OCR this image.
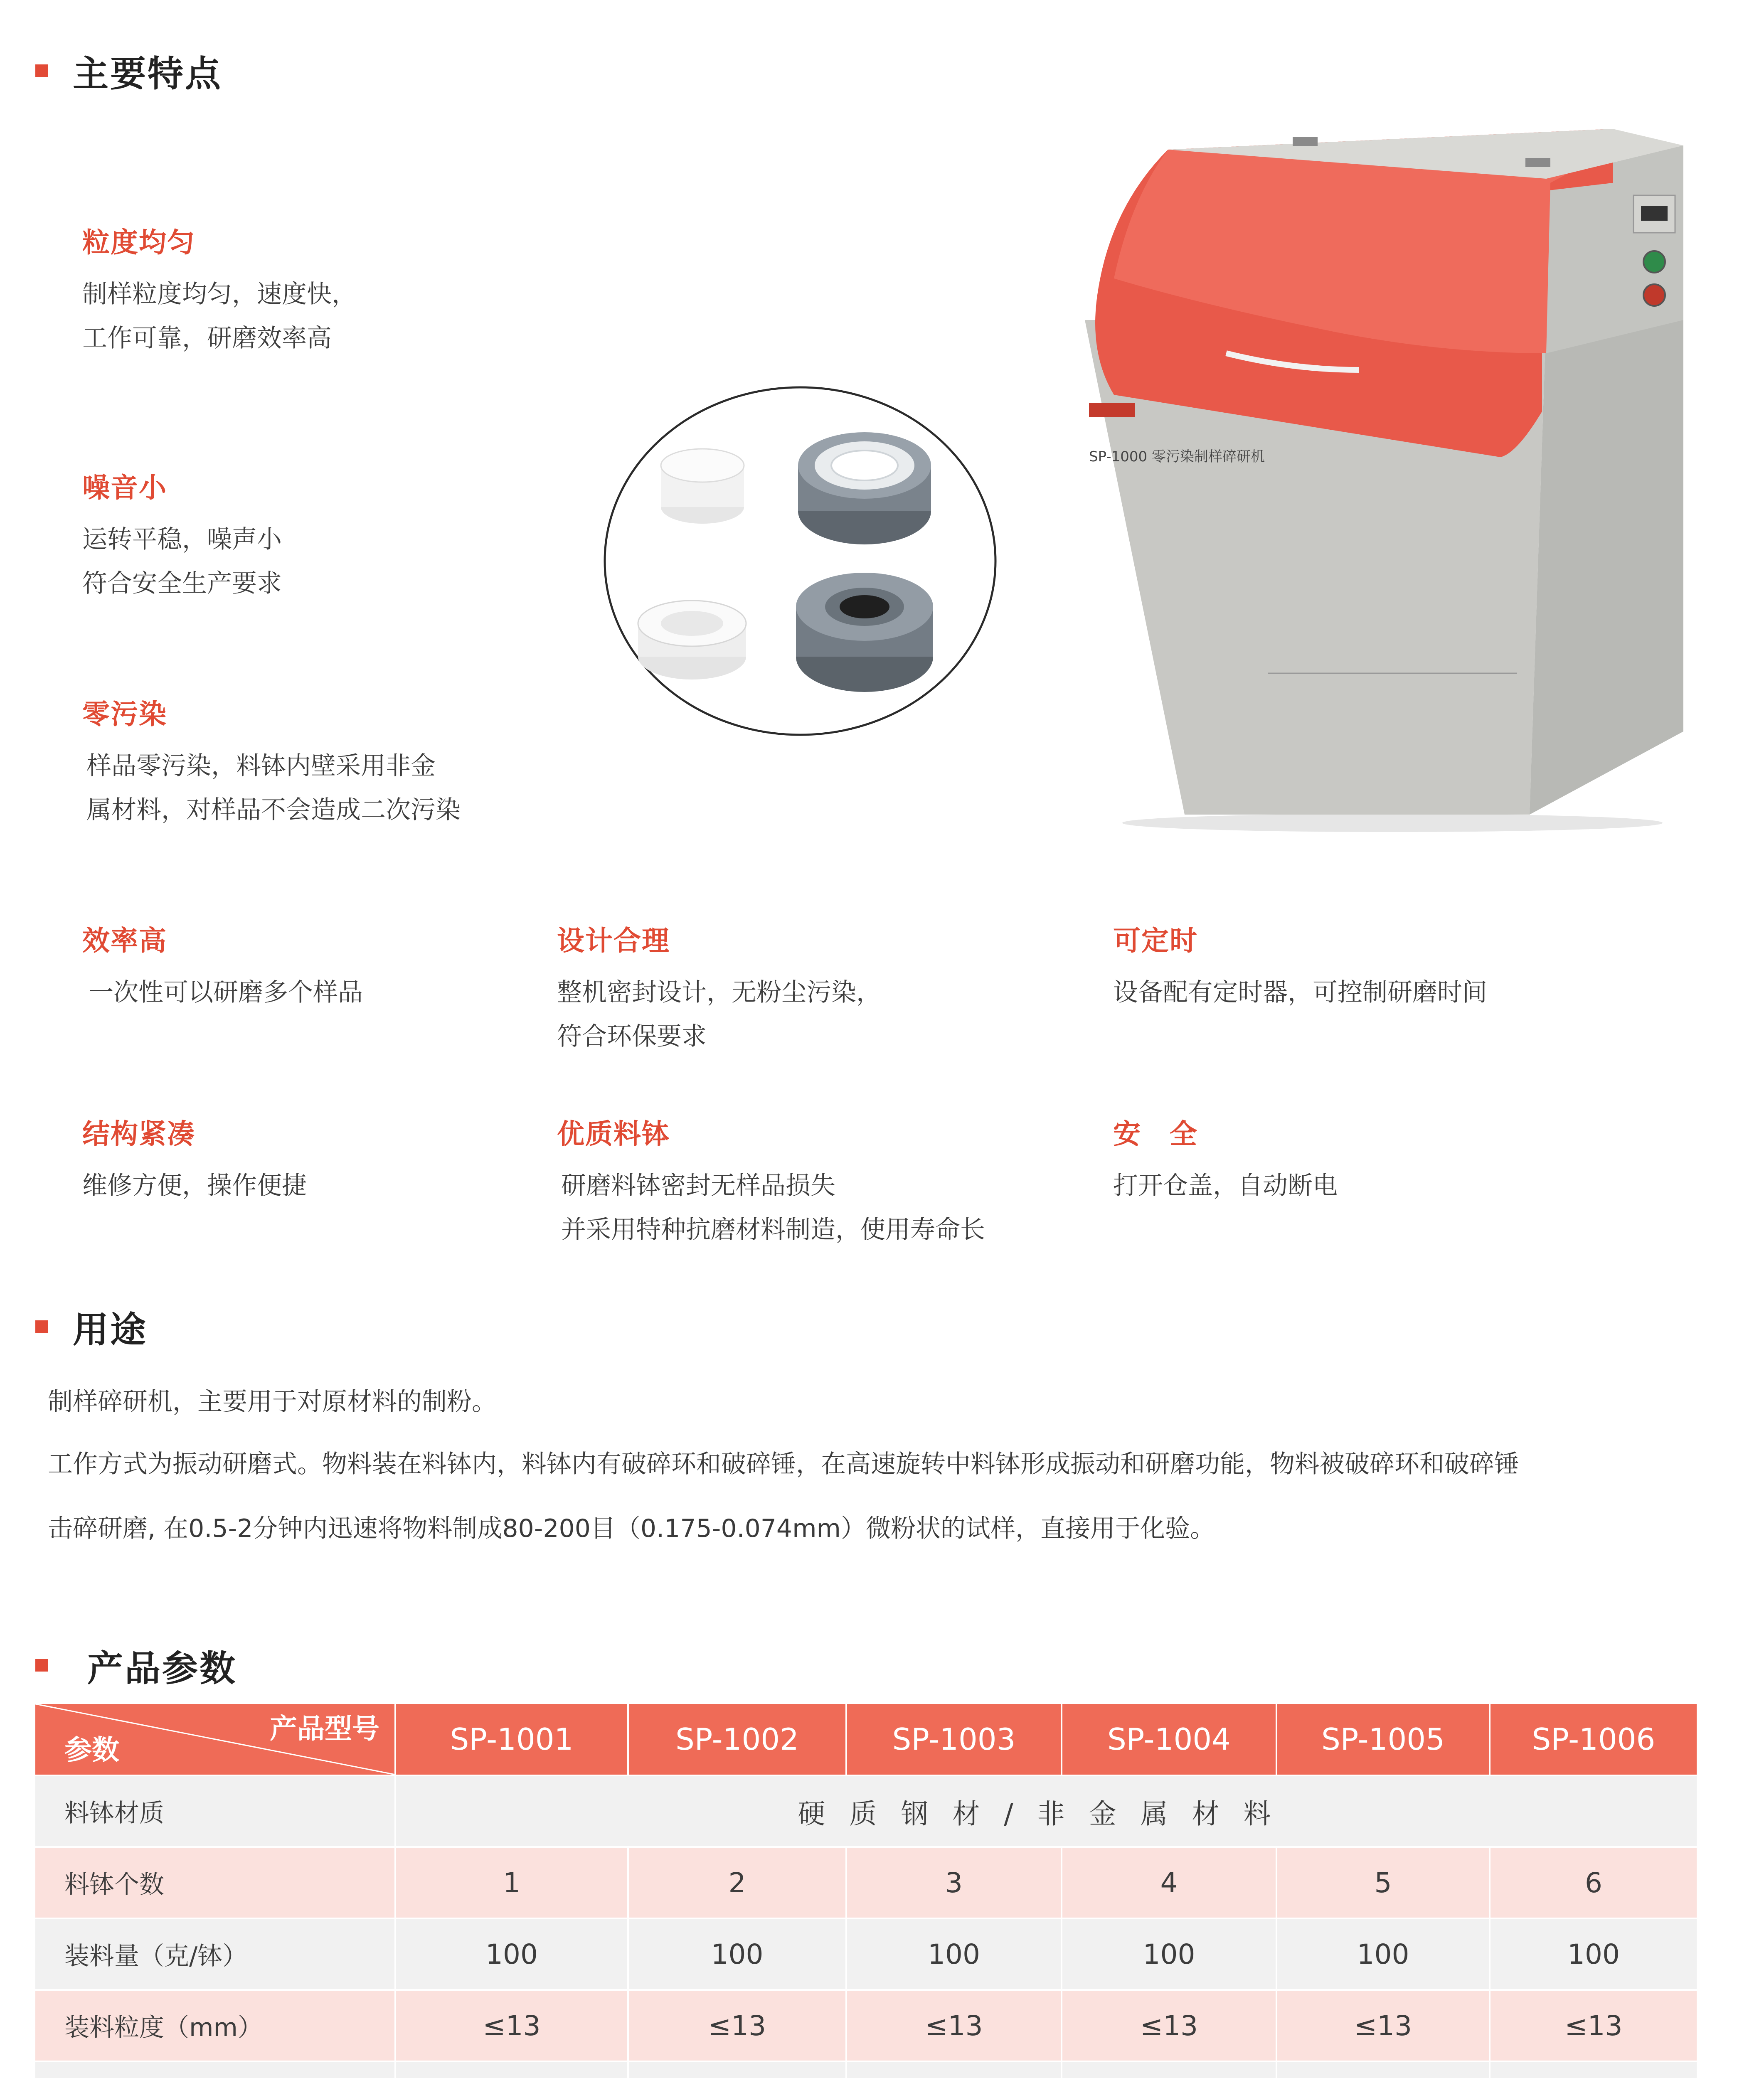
主要特点
粒度均匀
制样粒度均匀，速度快，
工作可靠，研磨效率高
噪音小
运转平稳，噪声小
符合安全生产要求
零污染
样品零污染，料钵内壁采用非金
属材料，对样品不会造成二次污染
SP-1000 零污染制样碎研机
效率高
一次性可以研磨多个样品
设计合理
整机密封设计，无粉尘污染，
符合环保要求
可定时
设备配有定时器，可控制研磨时间
结构紧凑
维修方便，操作便捷
优质料钵
研磨料钵密封无样品损失
并采用特种抗磨材料制造，使用寿命长
安　全
打开仓盖，自动断电
用途
制样碎研机，主要用于对原材料的制粉。
工作方式为振动研磨式。物料装在料钵内，料钵内有破碎环和破碎锤，在高速旋转中料钵形成振动和研磨功能，物料被破碎环和破碎锤
击碎研磨, 在0.5-2分钟内迅速将物料制成80-200目（0.175-0.074mm）微粉状的试样，直接用于化验。
产品参数
产品型号
参数	SP-1001	SP-1002	SP-1003	SP-1004	SP-1005	SP-1006
料钵材质	硬质钢材/非金属材料					
料钵个数	1	2	3	4	5	6
装料量（克/钵）	100	100	100	100	100	100
装料粒度（mm）	≤13	≤13	≤13	≤13	≤13	≤13
